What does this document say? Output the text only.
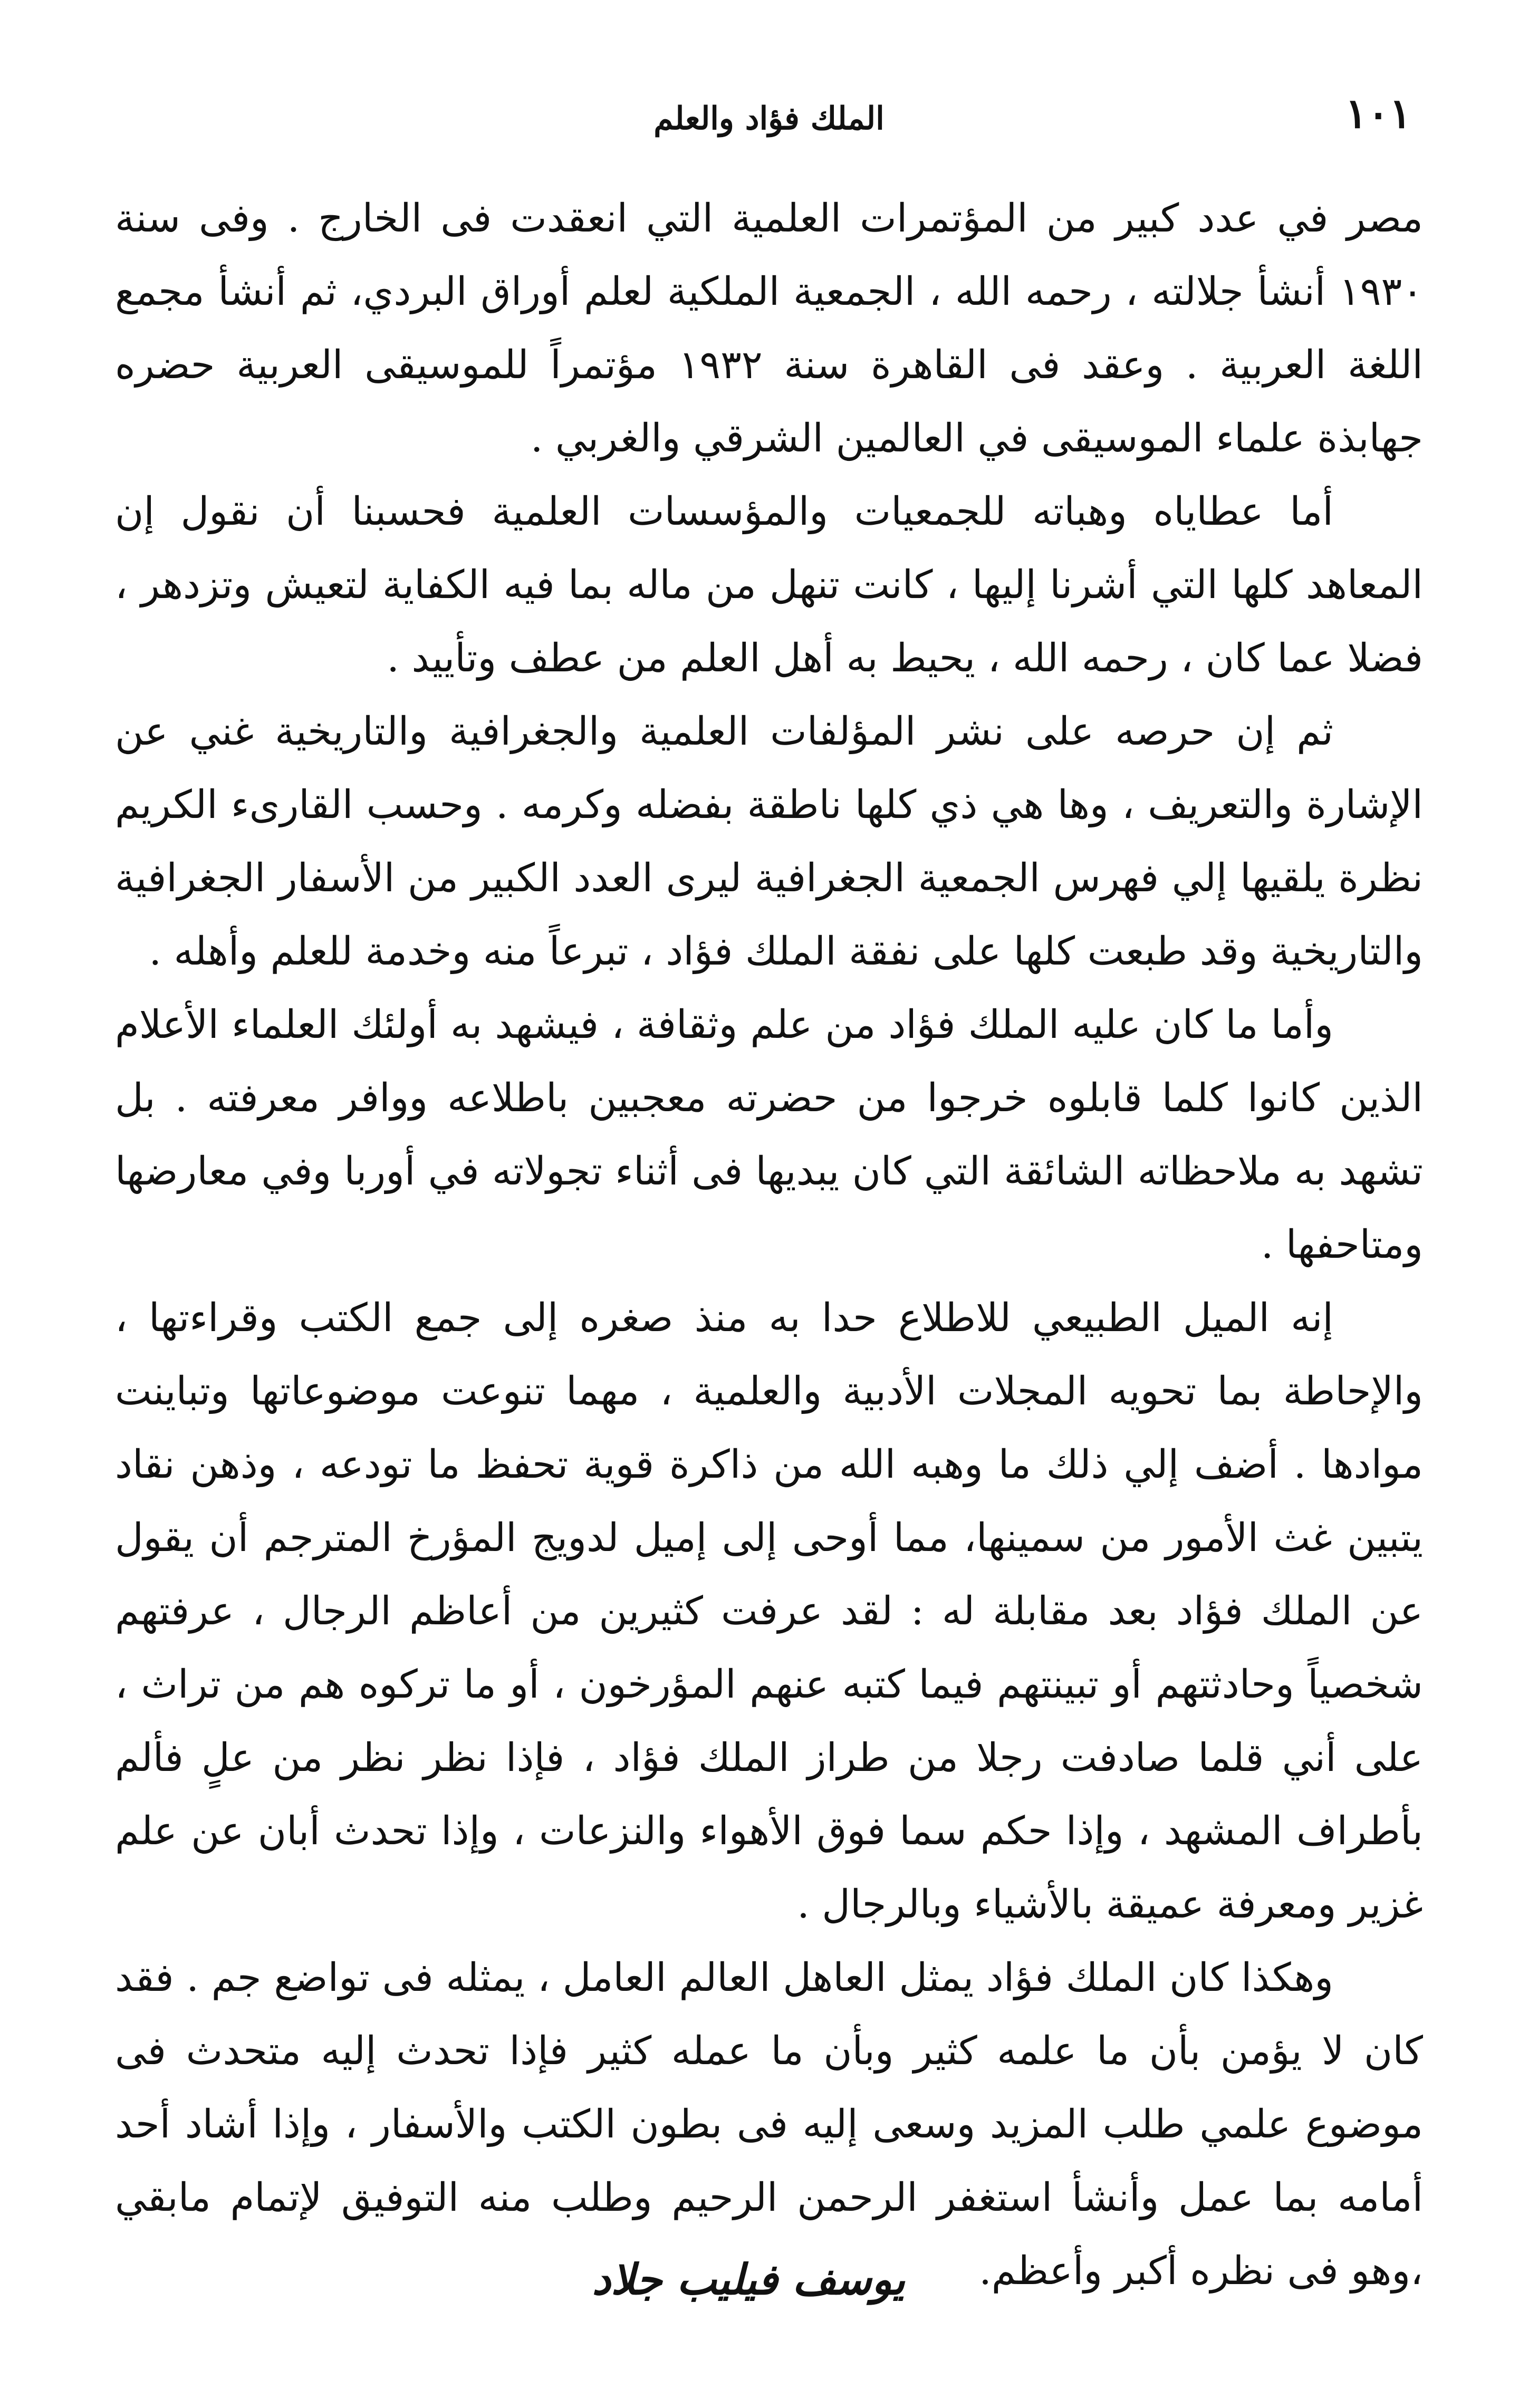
١٠١
الملك فؤاد والعلم

مصر في عدد كبير من المؤتمرات العلمية التي انعقدت فى الخارج . وفى سنة ١٩٣٠ أنشأ جلالته ، رحمه الله ، الجمعية الملكية لعلم أوراق البردي، ثم أنشأ مجمع اللغة العربية . وعقد فى القاهرة سنة ١٩٣٢ مؤتمراً للموسيقى العربية حضره جهابذة علماء الموسيقى في العالمين الشرقي والغربي .

أما عطاياه وهباته للجمعيات والمؤسسات العلمية فحسبنا أن نقول إن المعاهد كلها التي أشرنا إليها ، كانت تنهل من ماله بما فيه الكفاية لتعيش وتزدهر ، فضلا عما كان ، رحمه الله ، يحيط به أهل العلم من عطف وتأييد .

ثم إن حرصه على نشر المؤلفات العلمية والجغرافية والتاريخية غني عن الإشارة والتعريف ، وها هي ذي كلها ناطقة بفضله وكرمه . وحسب القارىء الكريم نظرة يلقيها إلي فهرس الجمعية الجغرافية ليرى العدد الكبير من الأسفار الجغرافية والتاريخية وقد طبعت كلها على نفقة الملك فؤاد ، تبرعاً منه وخدمة للعلم وأهله .

وأما ما كان عليه الملك فؤاد من علم وثقافة ، فيشهد به أولئك العلماء الأعلام الذين كانوا كلما قابلوه خرجوا من حضرته معجبين باطلاعه ووافر معرفته . بل تشهد به ملاحظاته الشائقة التي كان يبديها فى أثناء تجولاته في أوربا وفي معارضها ومتاحفها .

إنه الميل الطبيعي للاطلاع حدا به منذ صغره إلى جمع الكتب وقراءتها ، والإحاطة بما تحويه المجلات الأدبية والعلمية ، مهما تنوعت موضوعاتها وتباينت موادها . أضف إلي ذلك ما وهبه الله من ذاكرة قوية تحفظ ما تودعه ، وذهن نقاد يتبين غث الأمور من سمينها، مما أوحى إلى إميل لدويج المؤرخ المترجم أن يقول عن الملك فؤاد بعد مقابلة له : لقد عرفت كثيرين من أعاظم الرجال ، عرفتهم شخصياً وحادثتهم أو تبينتهم فيما كتبه عنهم المؤرخون ، أو ما تركوه هم من تراث ، على أني قلما صادفت رجلا من طراز الملك فؤاد ، فإذا نظر نظر من علٍ فألم بأطراف المشهد ، وإذا حكم سما فوق الأهواء والنزعات ، وإذا تحدث أبان عن علم غزير ومعرفة عميقة بالأشياء وبالرجال .

وهكذا كان الملك فؤاد يمثل العاهل العالم العامل ، يمثله فى تواضع جم . فقد كان لا يؤمن بأن ما علمه كثير وبأن ما عمله كثير فإذا تحدث إليه متحدث فى موضوع علمي طلب المزيد وسعى إليه فى بطون الكتب والأسفار ، وإذا أشاد أحد أمامه بما عمل وأنشأ استغفر الرحمن الرحيم وطلب منه التوفيق لإتمام مابقي ،وهو فى نظره أكبر وأعظم.

يوسف فيليب جلاد
